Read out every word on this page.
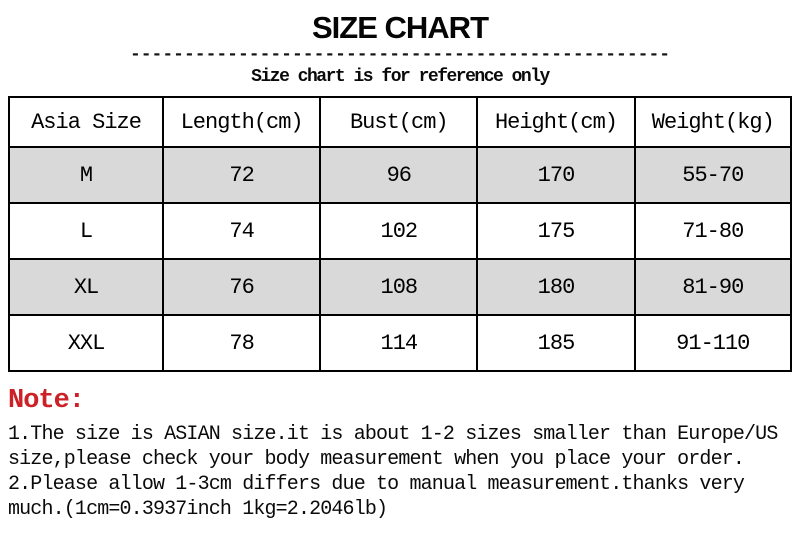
SIZE CHART
--------------------------------------------------
Size chart is for reference only
Asia Size	Length(cm)	Bust(cm)	Height(cm)	Weight(kg)
M	72	96	170	55-70
L	74	102	175	71-80
XL	76	108	180	81-90
XXL	78	114	185	91-110
Note:
1.The size is ASIAN size.it is about 1-2 sizes smaller than Europe/US
size,please check your body measurement when you place your order.
2.Please allow 1-3cm differs due to manual measurement.thanks very
much.(1cm=0.3937inch 1kg=2.2046lb)
